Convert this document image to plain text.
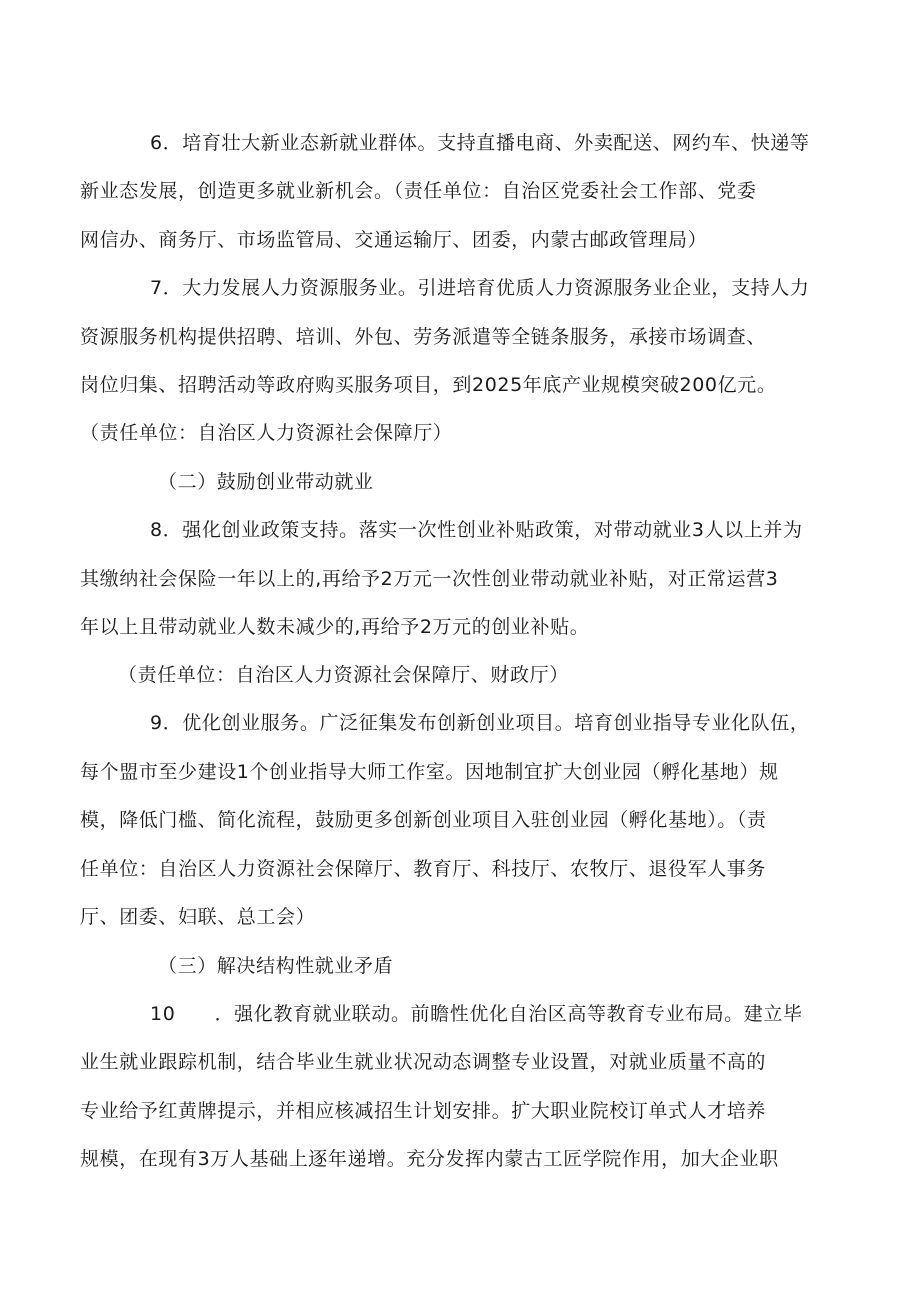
6．培育壮大新业态新就业群体。支持直播电商、外卖配送、网约车、快递等
新业态发展，创造更多就业新机会。（责任单位：自治区党委社会工作部、党委
网信办、商务厅、市场监管局、交通运输厅、团委，内蒙古邮政管理局）
7．大力发展人力资源服务业。引进培育优质人力资源服务业企业，支持人力
资源服务机构提供招聘、培训、外包、劳务派遣等全链条服务，承接市场调查、
岗位归集、招聘活动等政府购买服务项目，到2025年底产业规模突破200亿元。
（责任单位：自治区人力资源社会保障厅）
（二）鼓励创业带动就业
8．强化创业政策支持。落实一次性创业补贴政策，对带动就业3人以上并为
其缴纳社会保险一年以上的,再给予2万元一次性创业带动就业补贴，对正常运营3
年以上且带动就业人数未减少的,再给予2万元的创业补贴。
（责任单位：自治区人力资源社会保障厅、财政厅）
9．优化创业服务。广泛征集发布创新创业项目。培育创业指导专业化队伍，
每个盟市至少建设1个创业指导大师工作室。因地制宜扩大创业园（孵化基地）规
模，降低门槛、简化流程，鼓励更多创新创业项目入驻创业园（孵化基地）。（责
任单位：自治区人力资源社会保障厅、教育厅、科技厅、农牧厅、退役军人事务
厅、团委、妇联、总工会）
（三）解决结构性就业矛盾
10　　．强化教育就业联动。前瞻性优化自治区高等教育专业布局。建立毕
业生就业跟踪机制，结合毕业生就业状况动态调整专业设置，对就业质量不高的
专业给予红黄牌提示，并相应核减招生计划安排。扩大职业院校订单式人才培养
规模，在现有3万人基础上逐年递增。充分发挥内蒙古工匠学院作用，加大企业职
